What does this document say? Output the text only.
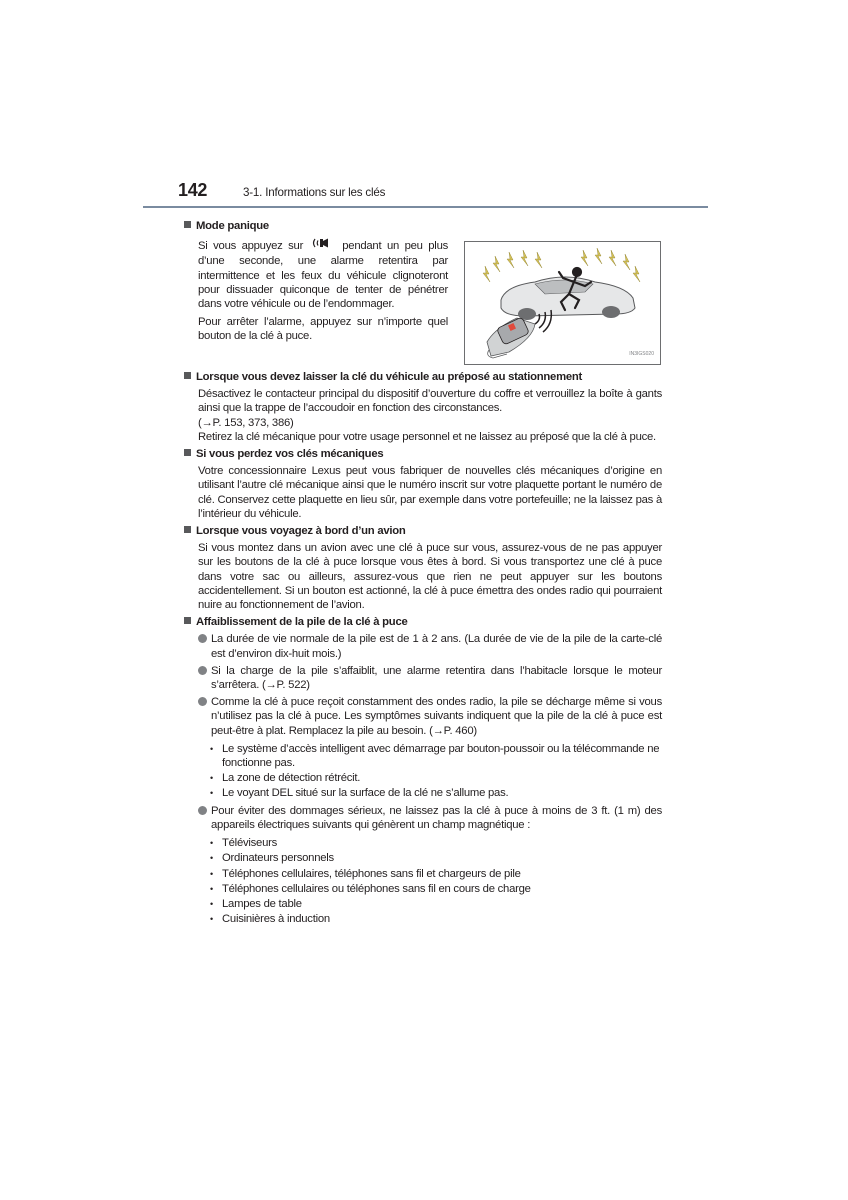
142	3-1. Informations sur les clés
Mode panique

Si vous appuyez sur	pendant un peu plus d’une seconde, une alarme retentira par intermittence et les feux du véhicule clignoteront pour dissuader quiconque de tenter de pénétrer dans votre véhicule ou de l’endommager.

Pour arrêter l’alarme, appuyez sur n’importe quel bouton de la clé à puce.

IN3IGS020
Lorsque vous devez laisser la clé du véhicule au préposé au stationnement
Désactivez le contacteur principal du dispositif d’ouverture du coffre et verrouillez la boîte à gants ainsi que la trappe de l’accoudoir en fonction des circonstances.
(→P. 153, 373, 386)
Retirez la clé mécanique pour votre usage personnel et ne laissez au préposé que la clé à puce.
Si vous perdez vos clés mécaniques
Votre concessionnaire Lexus peut vous fabriquer de nouvelles clés mécaniques d’origine en utilisant l’autre clé mécanique ainsi que le numéro inscrit sur votre plaquette portant le numéro de clé. Conservez cette plaquette en lieu sûr, par exemple dans votre portefeuille; ne la laissez pas à l’intérieur du véhicule.
Lorsque vous voyagez à bord d’un avion
Si vous montez dans un avion avec une clé à puce sur vous, assurez-vous de ne pas appuyer sur les boutons de la clé à puce lorsque vous êtes à bord. Si vous transportez une clé à puce dans votre sac ou ailleurs, assurez-vous que rien ne peut appuyer sur les boutons accidentellement. Si un bouton est actionné, la clé à puce émettra des ondes radio qui pourraient nuire au fonctionnement de l’avion.
Affaiblissement de la pile de la clé à puce
La durée de vie normale de la pile est de 1 à 2 ans. (La durée de vie de la pile de la carte-clé est d’environ dix-huit mois.)
Si la charge de la pile s’affaiblit, une alarme retentira dans l’habitacle lorsque le moteur s’arrêtera. (→P. 522)
Comme la clé à puce reçoit constamment des ondes radio, la pile se décharge même si vous n’utilisez pas la clé à puce. Les symptômes suivants indiquent que la pile de la clé à puce est peut-être à plat. Remplacez la pile au besoin. (→P. 460)
• Le système d’accès intelligent avec démarrage par bouton-poussoir ou la télécommande ne fonctionne pas.
• La zone de détection rétrécit.
• Le voyant DEL situé sur la surface de la clé ne s’allume pas.
Pour éviter des dommages sérieux, ne laissez pas la clé à puce à moins de 3 ft. (1 m) des appareils électriques suivants qui génèrent un champ magnétique :
• Téléviseurs
• Ordinateurs personnels
• Téléphones cellulaires, téléphones sans fil et chargeurs de pile
• Téléphones cellulaires ou téléphones sans fil en cours de charge
• Lampes de table
• Cuisinières à induction
